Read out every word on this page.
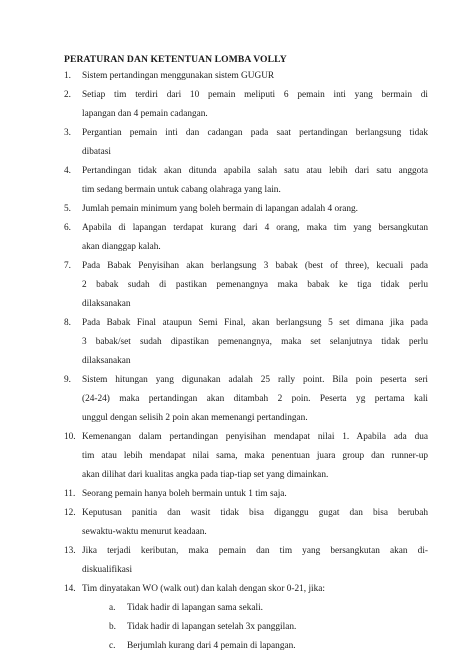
PERATURAN DAN KETENTUAN LOMBA VOLLY
1.	Sistem pertandingan menggunakan sistem GUGUR
2.	Setiap tim terdiri dari 10 pemain meliputi 6 pemain inti yang bermain di
lapangan dan 4 pemain cadangan.
3.	Pergantian pemain inti dan cadangan pada saat pertandingan berlangsung tidak
dibatasi
4.	Pertandingan tidak akan ditunda apabila salah satu atau lebih dari satu anggota
tim sedang bermain untuk cabang olahraga yang lain.
5.	Jumlah pemain minimum yang boleh bermain di lapangan adalah 4 orang.
6.	Apabila di lapangan terdapat kurang dari 4 orang, maka tim yang bersangkutan
akan dianggap kalah.
7.	Pada Babak Penyisihan akan berlangsung 3 babak (best of three), kecuali pada
2 babak sudah di pastikan pemenangnya maka babak ke tiga tidak perlu
dilaksanakan
8.	Pada Babak Final ataupun Semi Final, akan berlangsung 5 set dimana jika pada
3 babak/set sudah dipastikan pemenangnya, maka set selanjutnya tidak perlu
dilaksanakan
9.	Sistem hitungan yang digunakan adalah 25 rally point. Bila poin peserta seri
(24-24) maka pertandingan akan ditambah 2 poin. Peserta yg pertama kali
unggul dengan selisih 2 poin akan memenangi pertandingan.
10. Kemenangan dalam pertandingan penyisihan mendapat nilai 1. Apabila ada dua
tim atau lebih mendapat nilai sama, maka penentuan juara group dan runner-up
akan dilihat dari kualitas angka pada tiap-tiap set yang dimainkan.
11. Seorang pemain hanya boleh bermain untuk 1 tim saja.
12. Keputusan panitia dan wasit tidak bisa diganggu gugat dan bisa berubah
sewaktu-waktu menurut keadaan.
13. Jika terjadi keributan, maka pemain dan tim yang bersangkutan akan di-
diskualifikasi
14. Tim dinyatakan WO (walk out) dan kalah dengan skor 0-21, jika:
a.	Tidak hadir di lapangan sama sekali.
b.	Tidak hadir di lapangan setelah 3x panggilan.
c.	Berjumlah kurang dari 4 pemain di lapangan.
